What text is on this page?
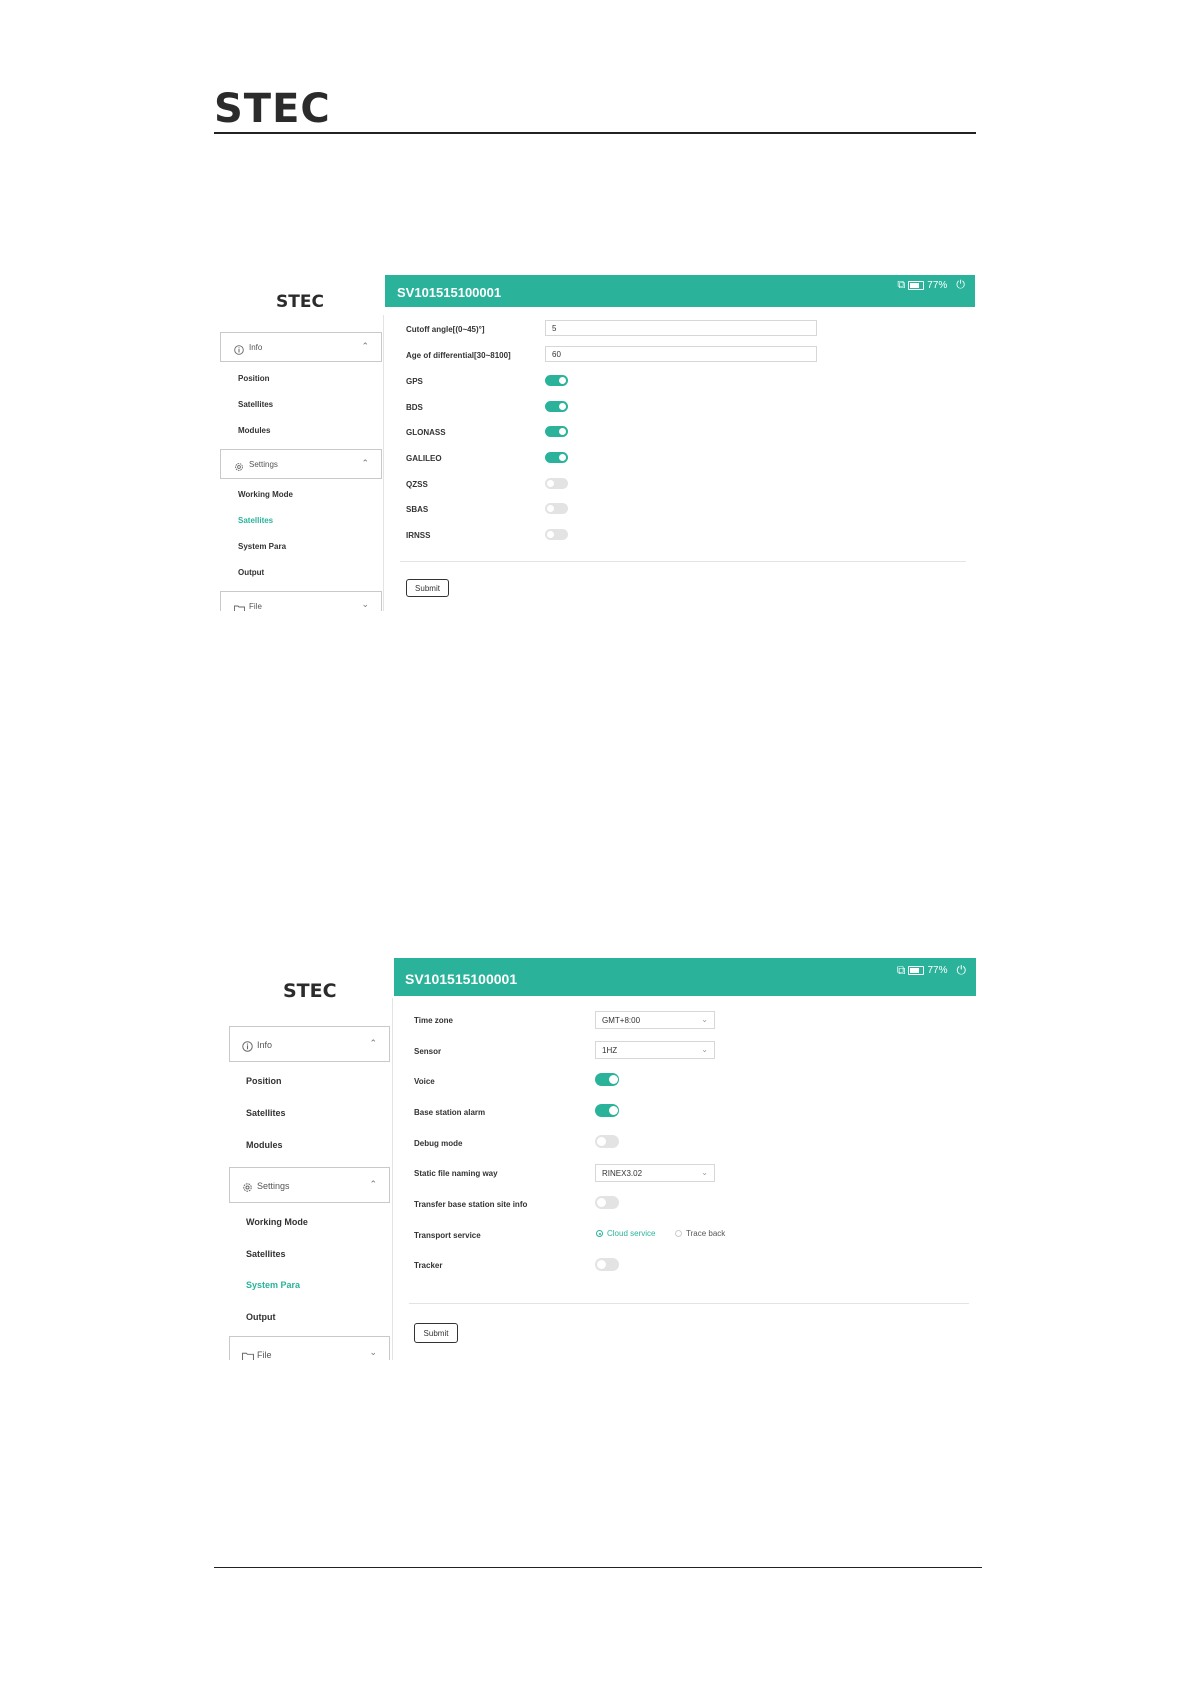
STEC
STEC
Info	⌃
Position
Satellites
Modules
Settings	⌃
Working Mode
Satellites
System Para
Output
File	⌄
SV101515100001	⧉ 77% ⏻
Cutoff angle[(0~45)°]	5
Age of differential[30~8100]	60
GPS
BDS
GLONASS
GALILEO
QZSS
SBAS
IRNSS
Submit
STEC
Info	⌃
Position
Satellites
Modules
Settings	⌃
Working Mode
Satellites
System Para
Output
File	⌄
SV101515100001
⧉ 77% ⏻
Time zone	GMT+8:00	⌄
Sensor	1HZ	⌄
Voice
Base station alarm
Debug mode
Static file naming way	RINEX3.02	⌄
Transfer base station site info
Transport service	Cloud service	Trace back
Tracker
Submit
